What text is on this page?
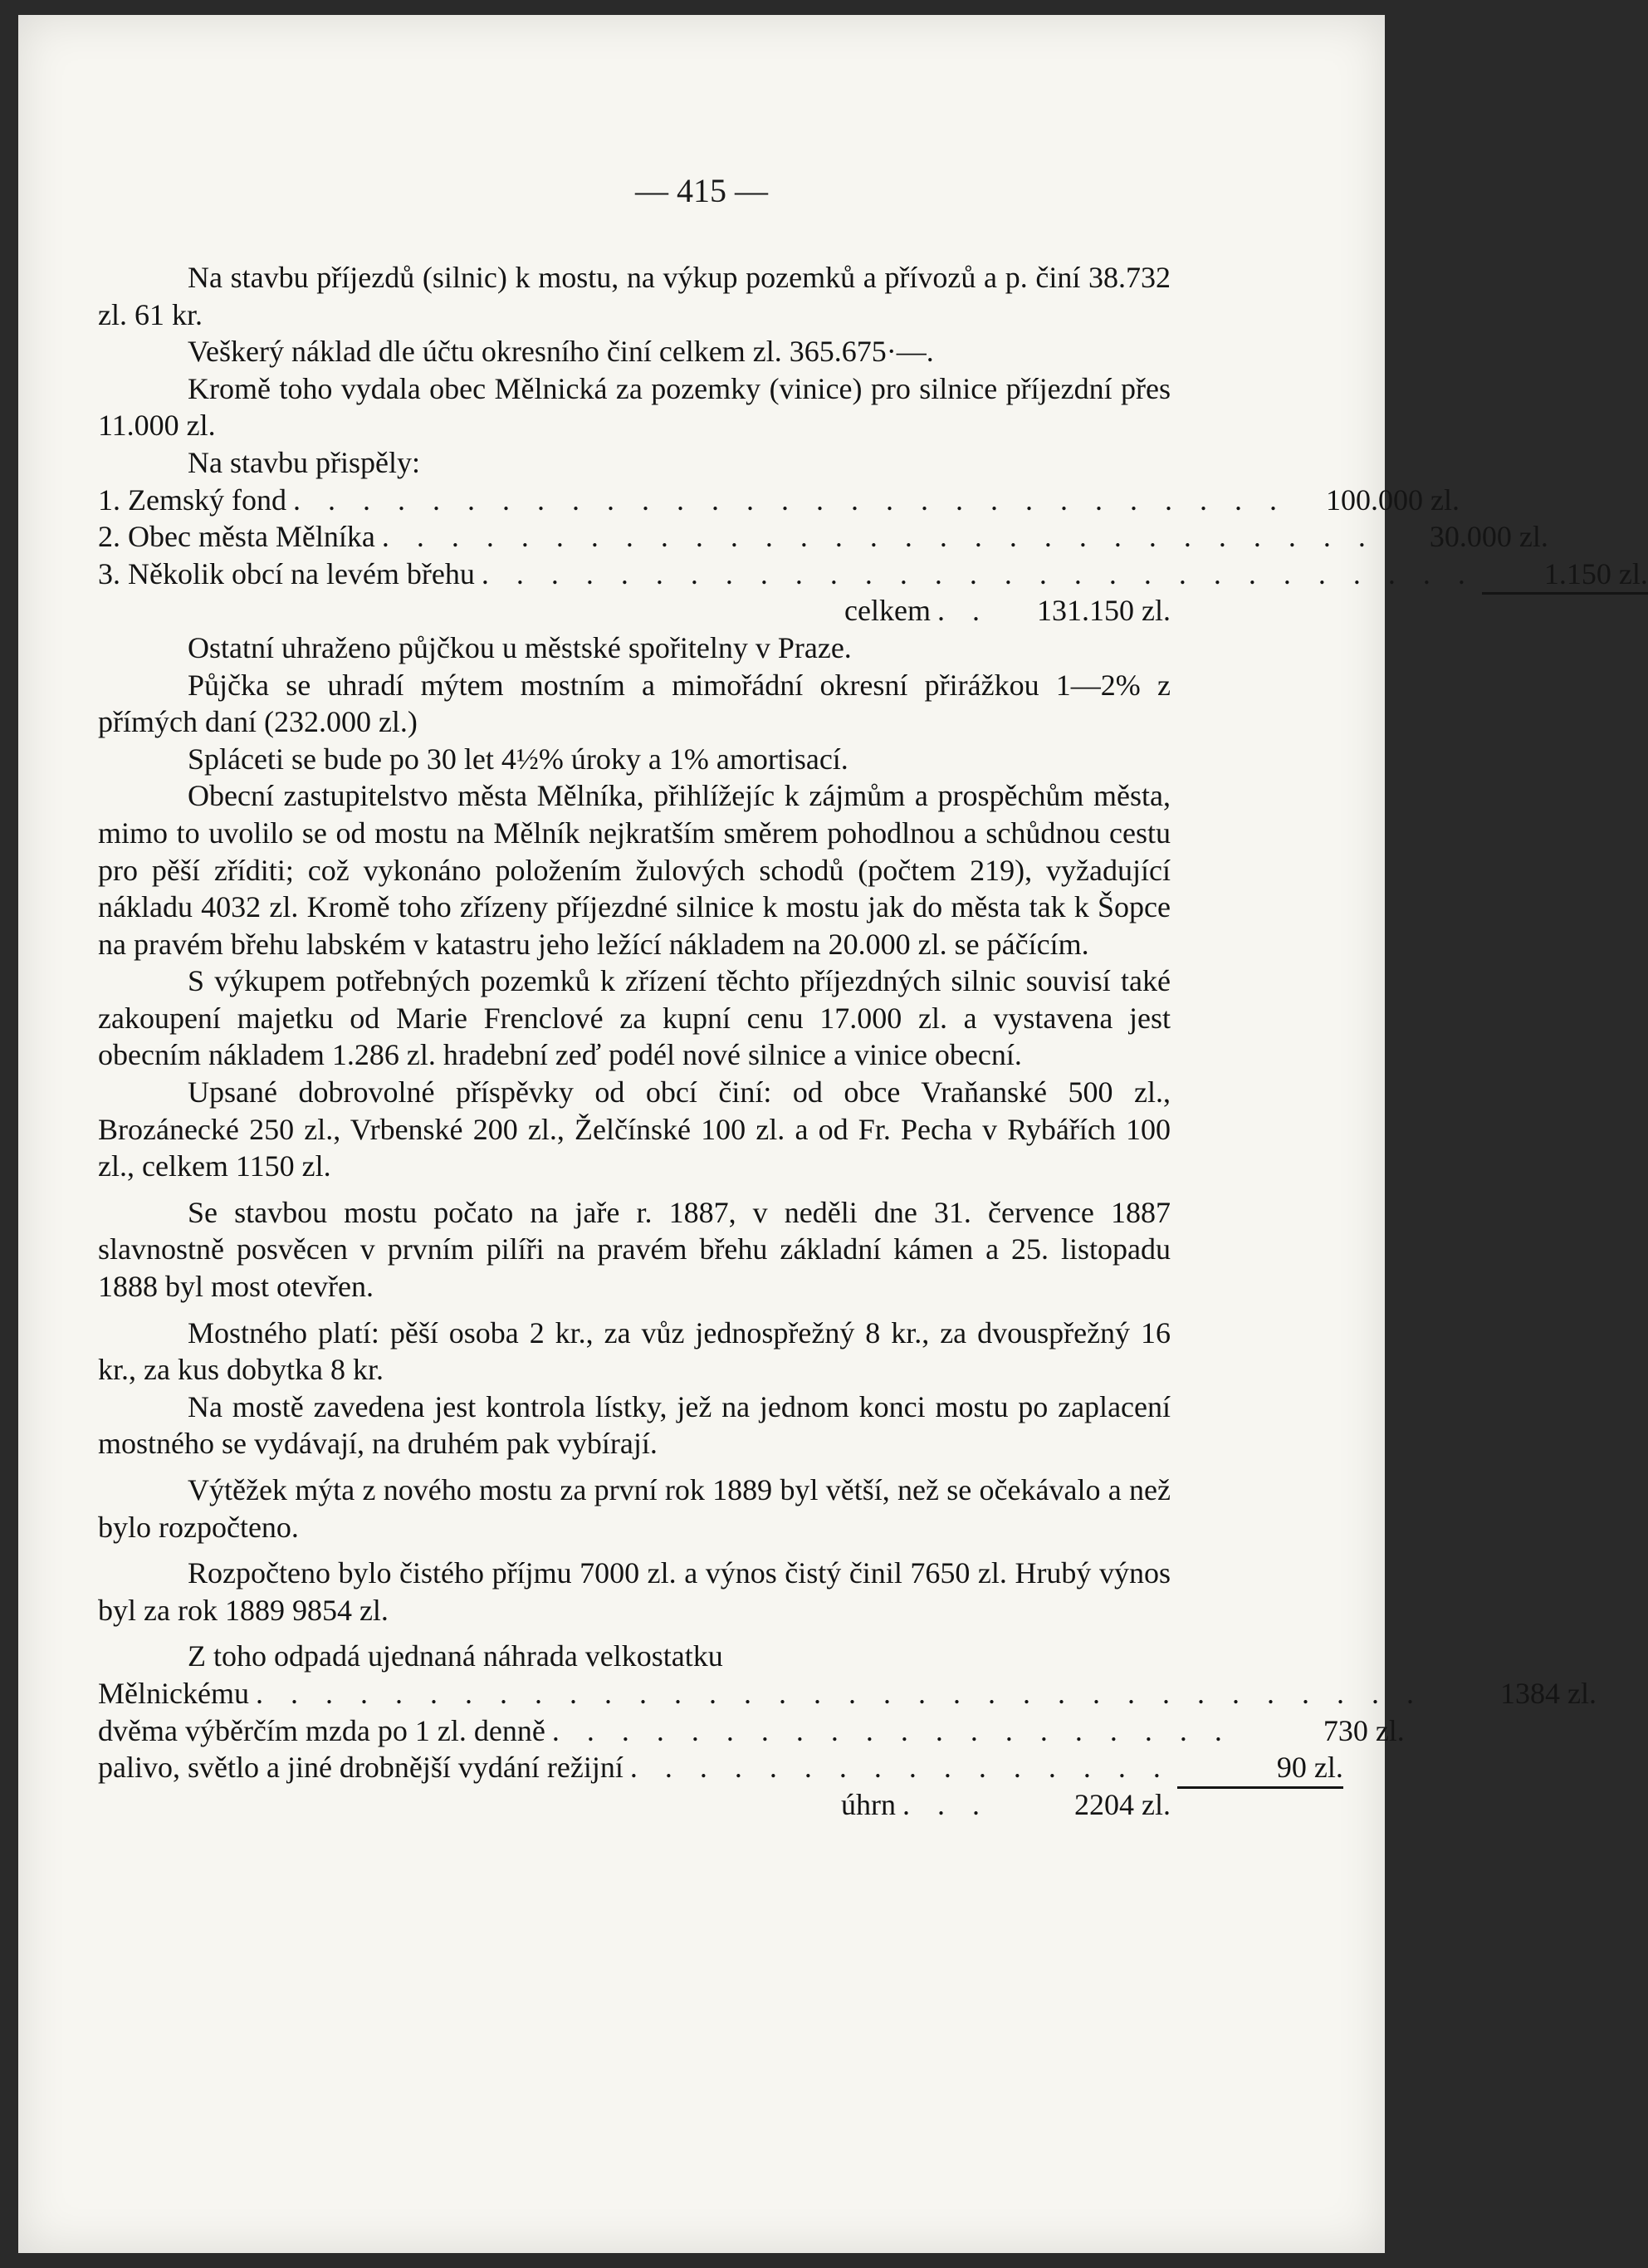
— 415 —

Na stavbu příjezdů (silnic) k mostu, na výkup pozemků a přívozů a p. činí 38.732 zl. 61 kr.

Veškerý náklad dle účtu okresního činí celkem zl. 365.675·—.

Kromě toho vydala obec Mělnická za pozemky (vinice) pro silnice příjezdní přes 11.000 zl.

Na stavbu přispěly:

1. Zemský fond . . . . . . . . . . . . . . . . . . . . . . . . . . . . .	100.000 zl.
2. Obec města Mělníka . . . . . . . . . . . . . . . . . . . . . . . . . . . . .	30.000 zl.
3. Několik obcí na levém břehu . . . . . . . . . . . . . . . . . . . . . . . . . . . . .	1.150 zl.
celkem . .	131.150 zl.

Ostatní uhraženo půjčkou u městské spořitelny v Praze.

Půjčka se uhradí mýtem mostním a mimořádní okresní přirážkou 1—2% z přímých daní (232.000 zl.)

Spláceti se bude po 30 let 4½% úroky a 1% amortisací.

Obecní zastupitelstvo města Mělníka, přihlížejíc k zájmům a prospěchům města, mimo to uvolilo se od mostu na Mělník nejkratším směrem pohodlnou a schůdnou cestu pro pěší zříditi; což vykonáno položením žulových schodů (počtem 219), vyžadující nákladu 4032 zl. Kromě toho zřízeny příjezdné silnice k mostu jak do města tak k Šopce na pravém břehu labském v katastru jeho ležící nákladem na 20.000 zl. se páčícím.

S výkupem potřebných pozemků k zřízení těchto příjezdných silnic souvisí také zakoupení majetku od Marie Frenclové za kupní cenu 17.000 zl. a vystavena jest obecním nákladem 1.286 zl. hradební zeď podél nové silnice a vinice obecní.

Upsané dobrovolné příspěvky od obcí činí: od obce Vraňanské 500 zl., Brozánecké 250 zl., Vrbenské 200 zl., Želčínské 100 zl. a od Fr. Pecha v Rybářích 100 zl., celkem 1150 zl.

Se stavbou mostu počato na jaře r. 1887, v neděli dne 31. července 1887 slavnostně posvěcen v prvním pilíři na pravém břehu základní kámen a 25. listopadu 1888 byl most otevřen.

Mostného platí: pěší osoba 2 kr., za vůz jednospřežný 8 kr., za dvouspřežný 16 kr., za kus dobytka 8 kr.

Na mostě zavedena jest kontrola lístky, jež na jednom konci mostu po zaplacení mostného se vydávají, na druhém pak vybírají.

Výtěžek mýta z nového mostu za první rok 1889 byl větší, než se očekávalo a než bylo rozpočteno.

Rozpočteno bylo čistého příjmu 7000 zl. a výnos čistý činil 7650 zl. Hrubý výnos byl za rok 1889 9854 zl.

Z toho odpadá ujednaná náhrada velkostatku

Mělnickému . . . . . . . . . . . . . . . . . . . . . . . . . . . . . . . . . .	1384 zl.
dvěma výběrčím mzda po 1 zl. denně . . . . . . . . . . . . . . . . . . . .	730 zl.
palivo, světlo a jiné drobnější vydání režijní . . . . . . . . . . . . . . . .	90 zl.
úhrn . . .	2204 zl.
